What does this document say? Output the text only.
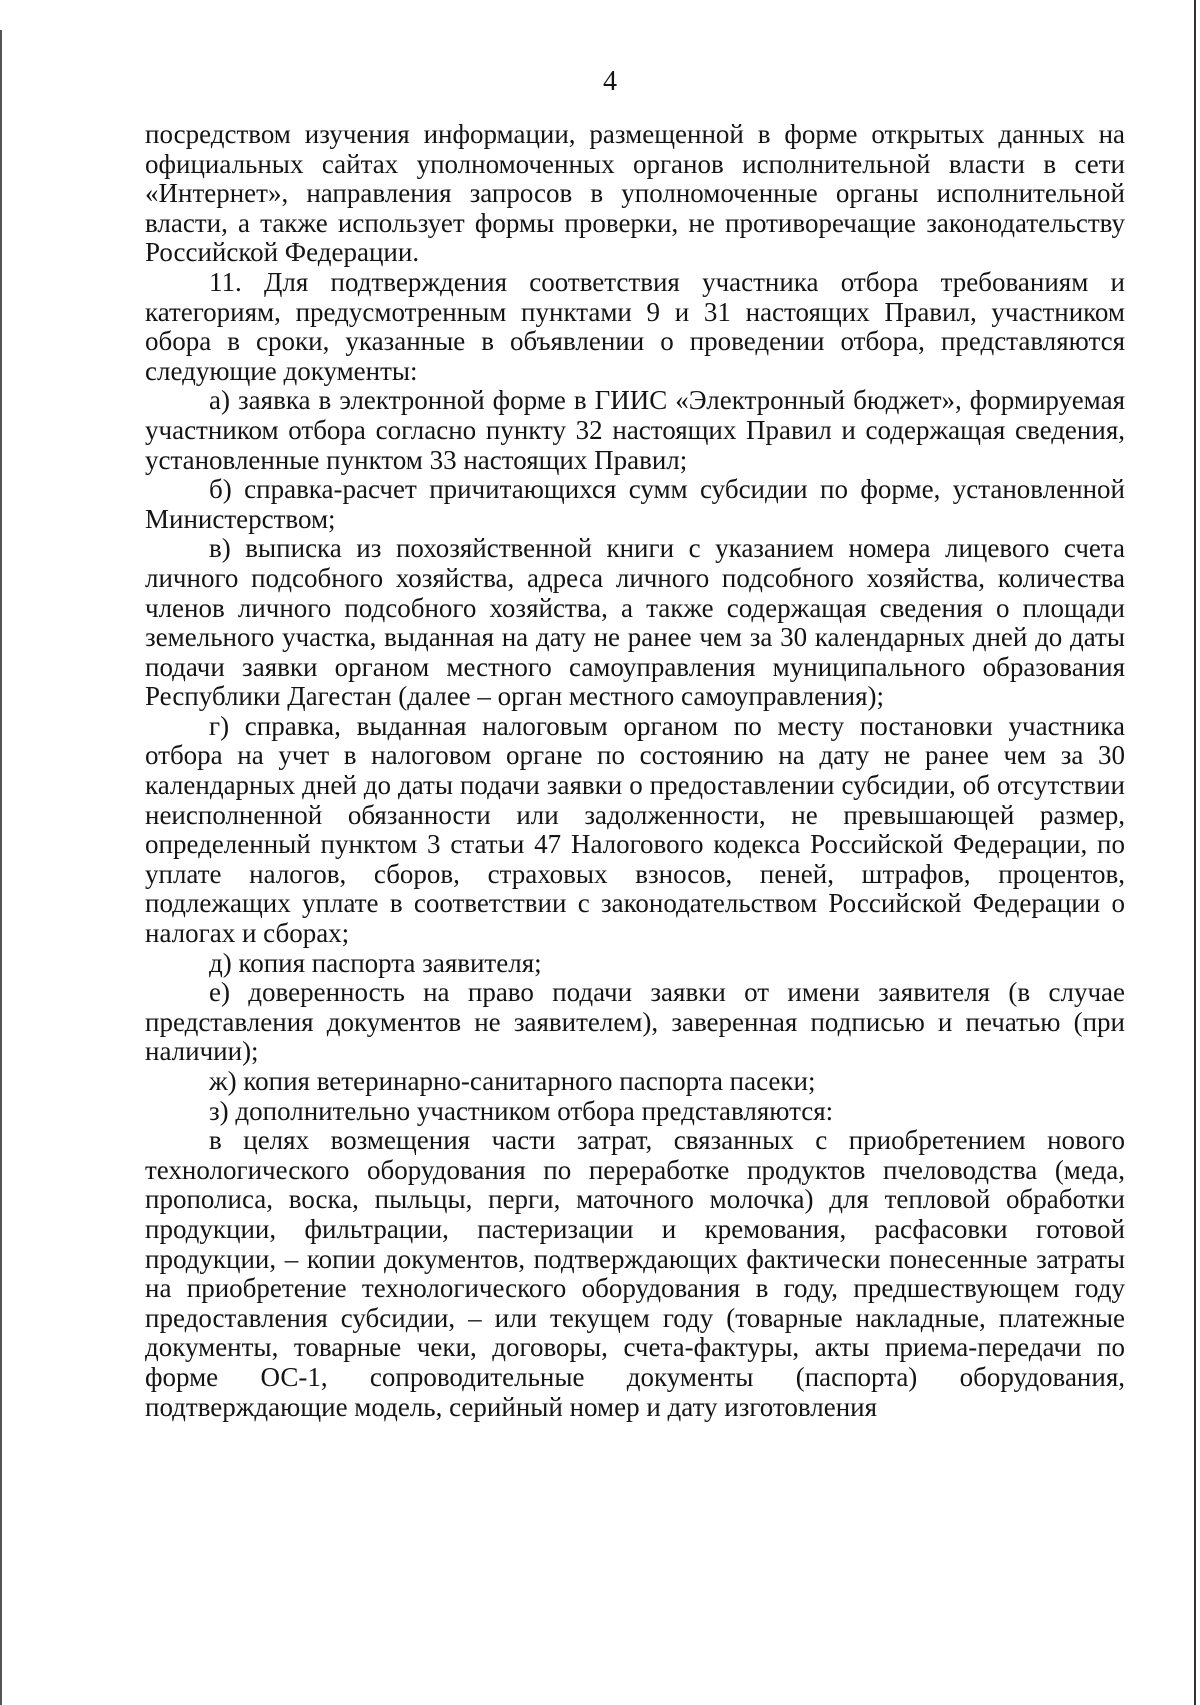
4

посредством изучения информации, размещенной в форме открытых данных на официальных сайтах уполномоченных органов исполнительной власти в сети «Интернет», направления запросов в уполномоченные органы исполнительной власти, а также использует формы проверки, не противоречащие законодательству Российской Федерации.

11. Для подтверждения соответствия участника отбора требованиям и категориям, предусмотренным пунктами 9 и 31 настоящих Правил, участником обора в сроки, указанные в объявлении о проведении отбора, представляются следующие документы:

а) заявка в электронной форме в ГИИС «Электронный бюджет», формируемая участником отбора согласно пункту 32 настоящих Правил и содержащая сведения, установленные пунктом 33 настоящих Правил;

б) справка-расчет причитающихся сумм субсидии по форме, установленной Министерством;

в) выписка из похозяйственной книги с указанием номера лицевого счета личного подсобного хозяйства, адреса личного подсобного хозяйства, количества членов личного подсобного хозяйства, а также содержащая сведения о площади земельного участка, выданная на дату не ранее чем за 30 календарных дней до даты подачи заявки органом местного самоуправления муниципального образования Республики Дагестан (далее – орган местного самоуправления);

г) справка, выданная налоговым органом по месту постановки участника отбора на учет в налоговом органе по состоянию на дату не ранее чем за 30 календарных дней до даты подачи заявки о предоставлении субсидии, об отсутствии неисполненной обязанности или задолженности, не превышающей размер, определенный пунктом 3 статьи 47 Налогового кодекса Российской Федерации, по уплате налогов, сборов, страховых взносов, пеней, штрафов, процентов, подлежащих уплате в соответствии с законодательством Российской Федерации о налогах и сборах;

д) копия паспорта заявителя;

е) доверенность на право подачи заявки от имени заявителя (в случае представления документов не заявителем), заверенная подписью и печатью (при наличии);

ж) копия ветеринарно-санитарного паспорта пасеки;

з) дополнительно участником отбора представляются:

в целях возмещения части затрат, связанных с приобретением нового технологического оборудования по переработке продуктов пчеловодства (меда, прополиса, воска, пыльцы, перги, маточного молочка) для тепловой обработки продукции, фильтрации, пастеризации и кремования, расфасовки готовой продукции, – копии документов, подтверждающих фактически понесенные затраты на приобретение технологического оборудования в году, предшествующем году предоставления субсидии, – или текущем году (товарные накладные, платежные документы, товарные чеки, договоры, счета-фактуры, акты приема-передачи по форме ОС-1, сопроводительные документы (паспорта) оборудования, подтверждающие модель, серийный номер и дату изготовления
